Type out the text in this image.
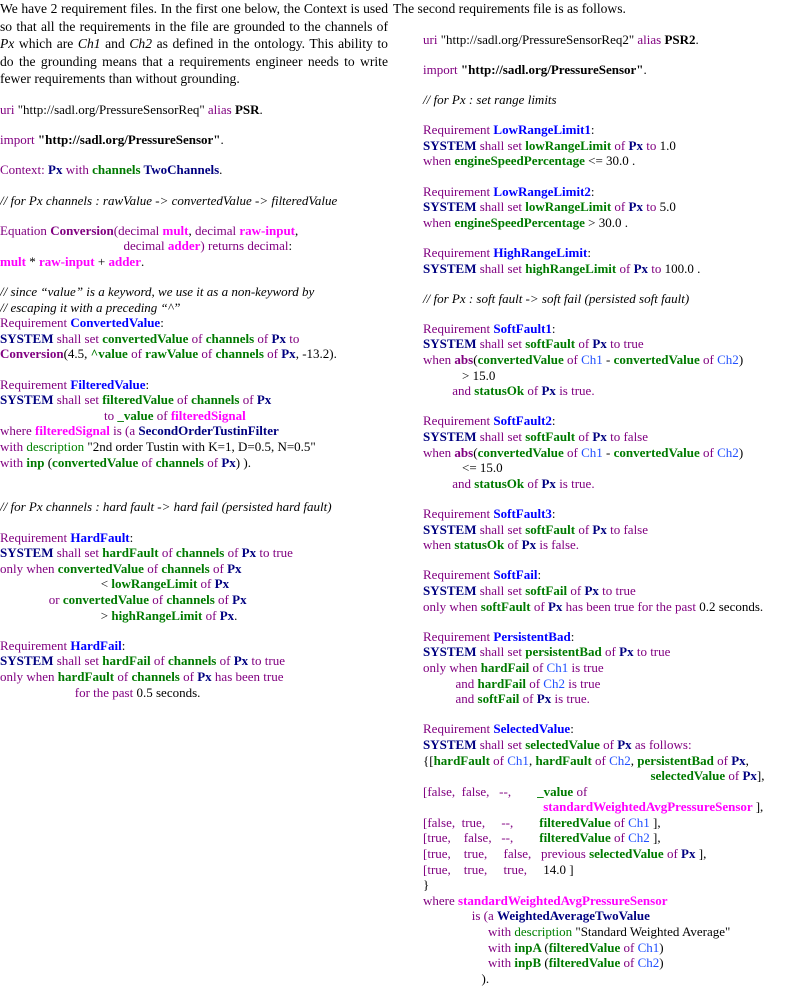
We have 2 requirement files. In the first one below, the Context is used so that all the requirements in the file are grounded to the channels of Px which are Ch1 and Ch2 as defined in the ontology. This ability to do the grounding means that a requirements engineer needs to write fewer requirements than without grounding.

uri "http://sadl.org/PressureSensorReq" alias PSR.
import "http://sadl.org/PressureSensor".
Context: Px with channels TwoChannels.
// for Px channels : rawValue -> convertedValue -> filteredValue
Equation Conversion(decimal mult, decimal raw-input,
decimal adder) returns decimal:
mult * raw-input + adder.
// since “value” is a keyword, we use it as a non-keyword by
// escaping it with a preceding “^”
Requirement ConvertedValue:
SYSTEM shall set convertedValue of channels of Px to
Conversion(4.5, ^value of rawValue of channels of Px, -13.2).
Requirement FilteredValue:
SYSTEM shall set filteredValue of channels of Px
to _value of filteredSignal
where filteredSignal is (a SecondOrderTustinFilter
with description "2nd order Tustin with K=1, D=0.5, N=0.5"
with inp (convertedValue of channels of Px) ).
// for Px channels : hard fault -> hard fail (persisted hard fault)
Requirement HardFault:
SYSTEM shall set hardFault of channels of Px to true
only when convertedValue of channels of Px
< lowRangeLimit of Px
or convertedValue of channels of Px
> highRangeLimit of Px.
Requirement HardFail:
SYSTEM shall set hardFail of channels of Px to true
only when hardFault of channels of Px has been true
for the past 0.5 seconds.

The second requirements file is as follows.

uri "http://sadl.org/PressureSensorReq2" alias PSR2.
import "http://sadl.org/PressureSensor".
// for Px : set range limits
Requirement LowRangeLimit1:
SYSTEM shall set lowRangeLimit of Px to 1.0
when engineSpeedPercentage <= 30.0 .
Requirement LowRangeLimit2:
SYSTEM shall set lowRangeLimit of Px to 5.0
when engineSpeedPercentage > 30.0 .
Requirement HighRangeLimit:
SYSTEM shall set highRangeLimit of Px to 100.0 .
// for Px : soft fault -> soft fail (persisted soft fault)
Requirement SoftFault1:
SYSTEM shall set softFault of Px to true
when abs(convertedValue of Ch1 - convertedValue of Ch2)
> 15.0
and statusOk of Px is true.
Requirement SoftFault2:
SYSTEM shall set softFault of Px to false
when abs(convertedValue of Ch1 - convertedValue of Ch2)
<= 15.0
and statusOk of Px is true.
Requirement SoftFault3:
SYSTEM shall set softFault of Px to false
when statusOk of Px is false.
Requirement SoftFail:
SYSTEM shall set softFail of Px to true
only when softFault of Px has been true for the past 0.2 seconds.
Requirement PersistentBad:
SYSTEM shall set persistentBad of Px to true
only when hardFail of Ch1 is true
and hardFail of Ch2 is true
and softFail of Px is true.
Requirement SelectedValue:
SYSTEM shall set selectedValue of Px as follows:
{[hardFault of Ch1, hardFault of Ch2, persistentBad of Px,
selectedValue of Px],
[false,  false,   --,        _value of
standardWeightedAvgPressureSensor ],
[false,  true,     --,        filteredValue of Ch1 ],
[true,    false,   --,        filteredValue of Ch2 ],
[true,    true,     false,   previous selectedValue of Px ],
[true,    true,     true,     14.0 ]
}
where standardWeightedAvgPressureSensor
is (a WeightedAverageTwoValue
with description "Standard Weighted Average"
with inpA (filteredValue of Ch1)
with inpB (filteredValue of Ch2)
).
